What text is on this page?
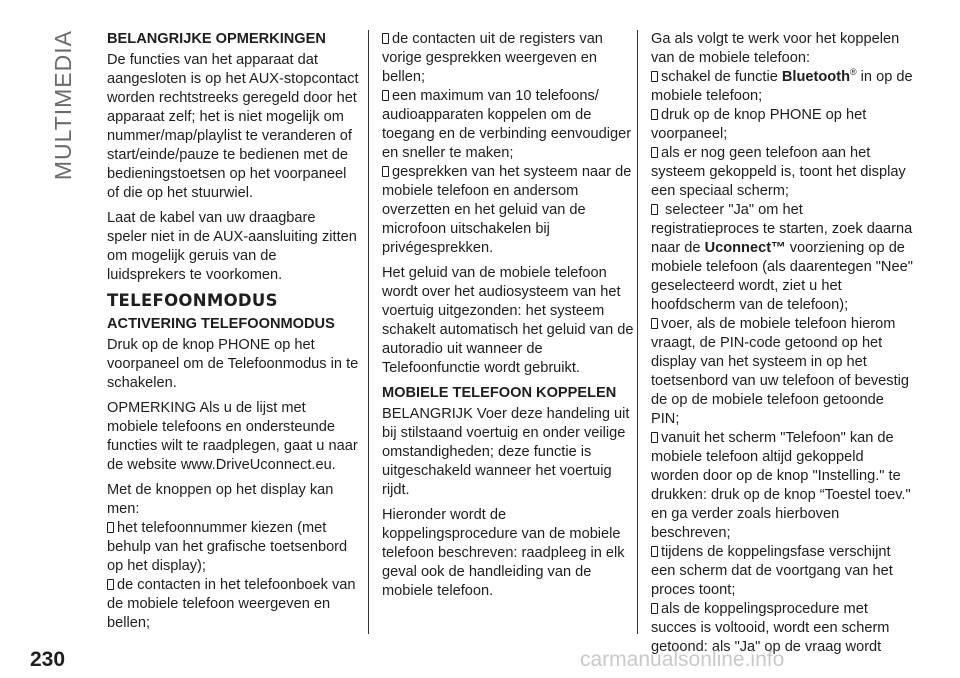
MULTIMEDIA BELANGRIJKE OPMERKINGEN

De functies van het apparaat dat aangesloten is op het AUX-stopcontact worden rechtstreeks geregeld door het apparaat zelf; het is niet mogelijk om nummer/map/playlist te veranderen of start/einde/pauze te bedienen met de bedieningstoetsen op het voorpaneel of die op het stuurwiel.

Laat de kabel van uw draagbare speler niet in de AUX-aansluiting zitten om mogelijk geruis van de luidsprekers te voorkomen.

TELEFOONMODUS
ACTIVERING TELEFOONMODUS

Druk op de knop PHONE op het voorpaneel om de Telefoonmodus in te schakelen.

OPMERKING Als u de lijst met mobiele telefoons en ondersteunde functies wilt te raadplegen, gaat u naar de website www.DriveUconnect.eu.

Met de knoppen op het display kan men:

het telefoonnummer kiezen (met behulp van het grafische toetsenbord op het display);
de contacten in het telefoonboek van de mobiele telefoon weergeven en bellen;
de contacten uit de registers van vorige gesprekken weergeven en bellen;
een maximum van 10 telefoons/ audioapparaten koppelen om de toegang en de verbinding eenvoudiger en sneller te maken;
gesprekken van het systeem naar de mobiele telefoon en andersom overzetten en het geluid van de microfoon uitschakelen bij privégesprekken.

Het geluid van de mobiele telefoon wordt over het audiosysteem van het voertuig uitgezonden: het systeem schakelt automatisch het geluid van de autoradio uit wanneer de Telefoonfunctie wordt gebruikt.

MOBIELE TELEFOON KOPPELEN

BELANGRIJK Voer deze handeling uit bij stilstaand voertuig en onder veilige omstandigheden; deze functie is uitgeschakeld wanneer het voertuig rijdt.

Hieronder wordt de koppelingsprocedure van de mobiele telefoon beschreven: raadpleeg in elk geval ook de handleiding van de mobiele telefoon.

Ga als volgt te werk voor het koppelen van de mobiele telefoon:

schakel de functie Bluetooth® in op de mobiele telefoon;
druk op de knop PHONE op het voorpaneel;
als er nog geen telefoon aan het systeem gekoppeld is, toont het display een speciaal scherm;
selecteer "Ja" om het registratieproces te starten, zoek daarna naar de Uconnect™ voorziening op de mobiele telefoon (als daarentegen "Nee" geselecteerd wordt, ziet u het hoofdscherm van de telefoon);
voer, als de mobiele telefoon hierom vraagt, de PIN-code getoond op het display van het systeem in op het toetsenbord van uw telefoon of bevestig de op de mobiele telefoon getoonde PIN;
vanuit het scherm "Telefoon" kan de mobiele telefoon altijd gekoppeld worden door op de knop "Instelling." te drukken: druk op de knop “Toestel toev." en ga verder zoals hierboven beschreven;
tijdens de koppelingsfase verschijnt een scherm dat de voortgang van het proces toont;
als de koppelingsprocedure met succes is voltooid, wordt een scherm getoond: als "Ja" op de vraag wordt
230	carmanualsonline.info
